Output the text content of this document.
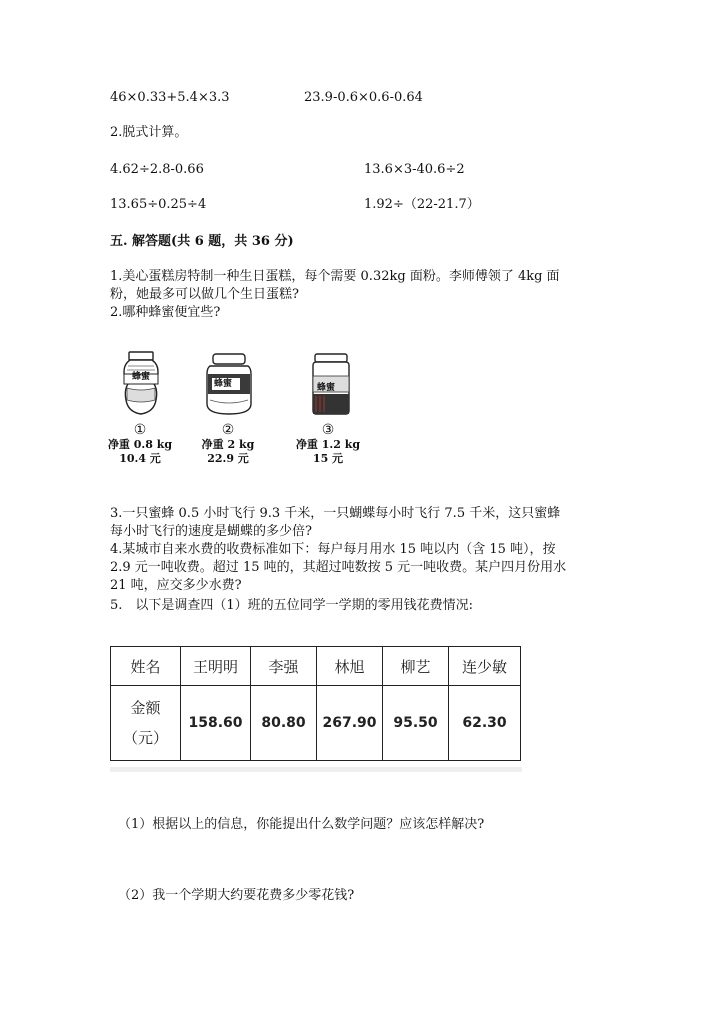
46×0.33+5.4×3.3	23.9-0.6×0.6-0.64
2.脱式计算。
4.62÷2.8-0.66	13.6×3-40.6÷2
13.65÷0.25÷4	1.92÷（22-21.7）
五. 解答题(共 6 题，共 36 分)
1.美心蛋糕房特制一种生日蛋糕，每个需要 0.32kg 面粉。李师傅领了 4kg 面
粉，她最多可以做几个生日蛋糕?
2.哪种蜂蜜便宜些?
蜂蜜
蜂蜜	蜂蜜
①
净重 0.8 kg
10.4 元
②
净重 2 kg
22.9 元
③
净重 1.2 kg
15 元
3.一只蜜蜂 0.5 小时飞行 9.3 千米，一只蝴蝶每小时飞行 7.5 千米，这只蜜蜂
每小时飞行的速度是蝴蝶的多少倍?
4.某城市自来水费的收费标准如下：每户每月用水 15 吨以内（含 15 吨），按
2.9 元一吨收费。超过 15 吨的，其超过吨数按 5 元一吨收费。某户四月份用水
21 吨，应交多少水费?
5.　以下是调查四（1）班的五位同学一学期的零用钱花费情况:
姓名	王明明	李强	林旭	柳艺	连少敏

金额
（元）	158.60	80.80	267.90	95.50	62.30
（1）根据以上的信息，你能提出什么数学问题？应该怎样解决?
（2）我一个学期大约要花费多少零花钱?
